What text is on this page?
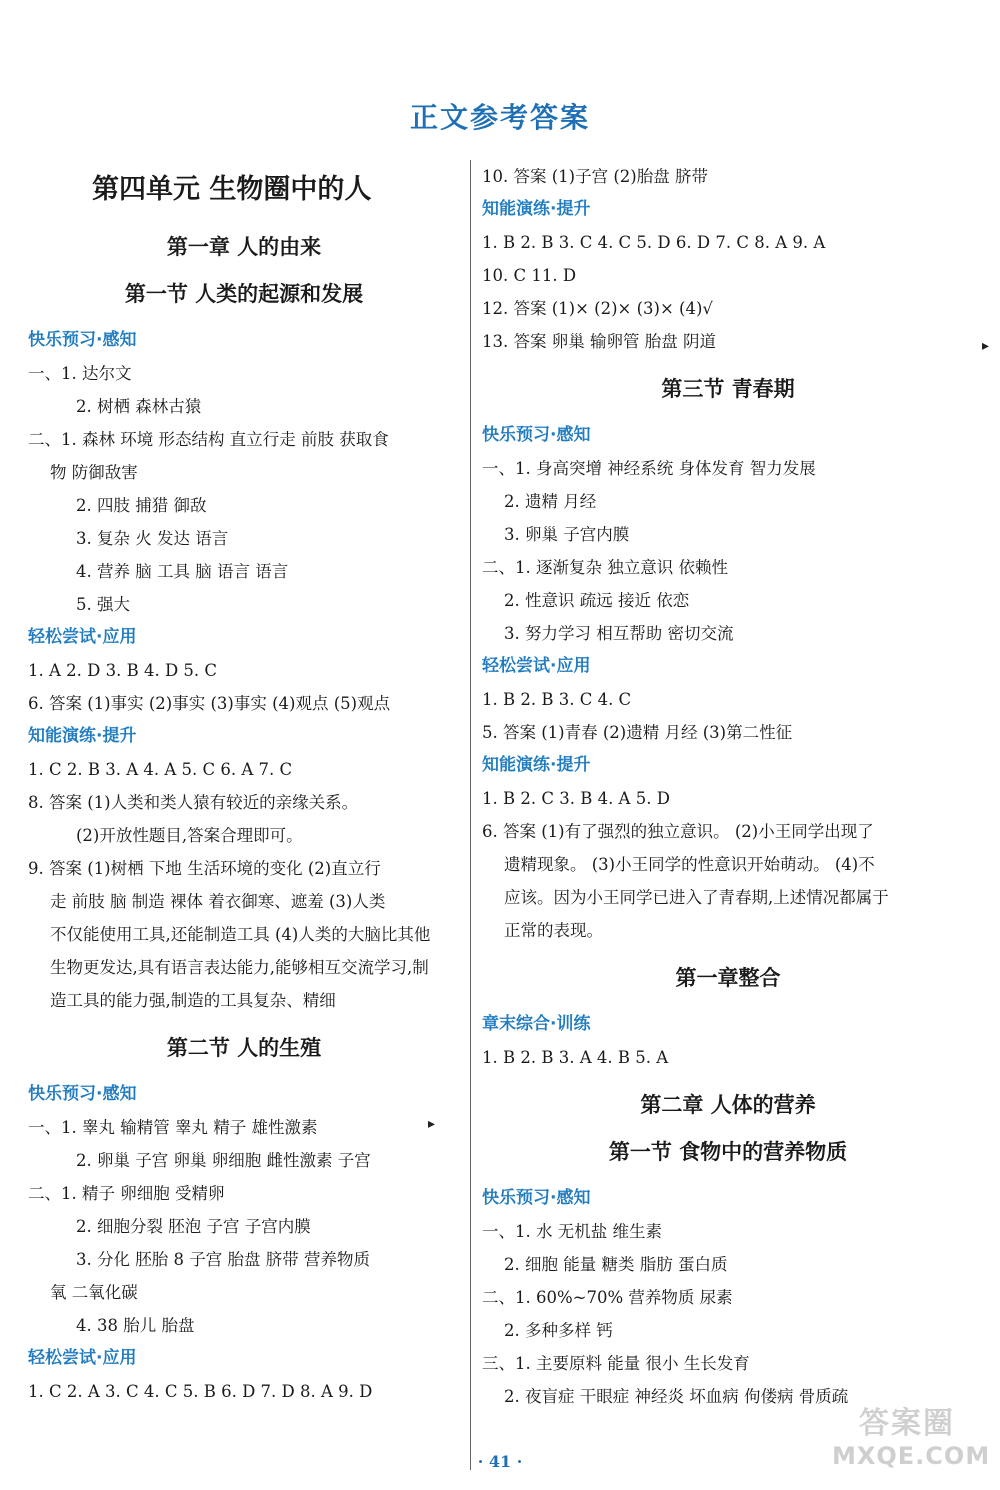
正文参考答案
第四单元 生物圈中的人
第一章 人的由来
第一节 人类的起源和发展
快乐预习·感知
一、1. 达尔文
2. 树栖 森林古猿
二、1. 森林 环境 形态结构 直立行走 前肢 获取食
物 防御敌害
2. 四肢 捕猎 御敌
3. 复杂 火 发达 语言
4. 营养 脑 工具 脑 语言 语言
5. 强大
轻松尝试·应用
1. A 2. D 3. B 4. D 5. C
6. 答案 (1)事实 (2)事实 (3)事实 (4)观点 (5)观点
知能演练·提升
1. C 2. B 3. A 4. A 5. C 6. A 7. C
8. 答案 (1)人类和类人猿有较近的亲缘关系。
(2)开放性题目,答案合理即可。
9. 答案 (1)树栖 下地 生活环境的变化 (2)直立行
走 前肢 脑 制造 裸体 着衣御寒、遮羞 (3)人类
不仅能使用工具,还能制造工具 (4)人类的大脑比其他
生物更发达,具有语言表达能力,能够相互交流学习,制
造工具的能力强,制造的工具复杂、精细
第二节 人的生殖
快乐预习·感知
一、1. 睾丸 输精管 睾丸 精子 雄性激素
2. 卵巢 子宫 卵巢 卵细胞 雌性激素 子宫
二、1. 精子 卵细胞 受精卵
2. 细胞分裂 胚泡 子宫 子宫内膜
3. 分化 胚胎 8 子宫 胎盘 脐带 营养物质
氧 二氧化碳
4. 38 胎儿 胎盘
轻松尝试·应用
1. C 2. A 3. C 4. C 5. B 6. D 7. D 8. A 9. D
10. 答案 (1)子宫 (2)胎盘 脐带
知能演练·提升
1. B 2. B 3. C 4. C 5. D 6. D 7. C 8. A 9. A
10. C 11. D
12. 答案 (1)× (2)× (3)× (4)√
13. 答案 卵巢 输卵管 胎盘 阴道
第三节 青春期
快乐预习·感知
一、1. 身高突增 神经系统 身体发育 智力发展
2. 遗精 月经
3. 卵巢 子宫内膜
二、1. 逐渐复杂 独立意识 依赖性
2. 性意识 疏远 接近 依恋
3. 努力学习 相互帮助 密切交流
轻松尝试·应用
1. B 2. B 3. C 4. C
5. 答案 (1)青春 (2)遗精 月经 (3)第二性征
知能演练·提升
1. B 2. C 3. B 4. A 5. D
6. 答案 (1)有了强烈的独立意识。 (2)小王同学出现了
遗精现象。 (3)小王同学的性意识开始萌动。 (4)不
应该。因为小王同学已进入了青春期,上述情况都属于
正常的表现。
第一章整合
章末综合·训练
1. B 2. B 3. A 4. B 5. A
第二章 人体的营养
第一节 食物中的营养物质
快乐预习·感知
一、1. 水 无机盐 维生素
2. 细胞 能量 糖类 脂肪 蛋白质
二、1. 60%~70% 营养物质 尿素
2. 多种多样 钙
三、1. 主要原料 能量 很小 生长发育
2. 夜盲症 干眼症 神经炎 坏血病 佝偻病 骨质疏
▸
▸
· 41 ·
答案圈
MXQE.COM
